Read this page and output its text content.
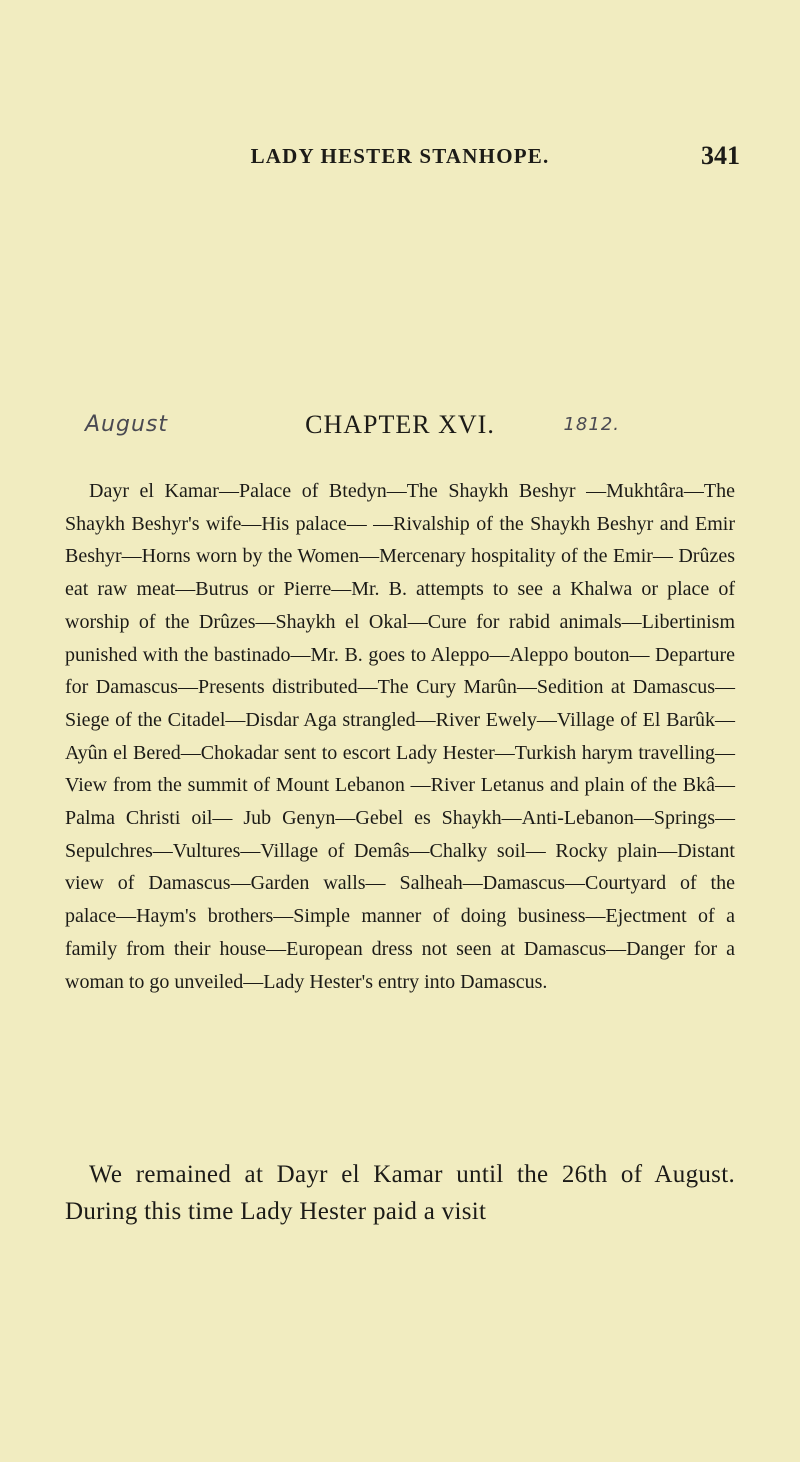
LADY HESTER STANHOPE.	341
August	CHAPTER XVI.	1812.

Dayr el Kamar—Palace of Btedyn—The Shaykh Beshyr —Mukhtâra—The Shaykh Beshyr's wife—His palace— —Rivalship of the Shaykh Beshyr and Emir Beshyr—Horns worn by the Women—Mercenary hospitality of the Emir— Drûzes eat raw meat—Butrus or Pierre—Mr. B. attempts to see a Khalwa or place of worship of the Drûzes—Shaykh el Okal—Cure for rabid animals—Libertinism punished with the bastinado—Mr. B. goes to Aleppo—Aleppo bouton— Departure for Damascus—Presents distributed—The Cury Marûn—Sedition at Damascus—Siege of the Citadel—Disdar Aga strangled—River Ewely—Village of El Barûk—Ayûn el Bered—Chokadar sent to escort Lady Hester—Turkish harym travelling—View from the summit of Mount Lebanon —River Letanus and plain of the Bkâ—Palma Christi oil— Jub Genyn—Gebel es Shaykh—Anti-Lebanon—Springs— Sepulchres—Vultures—Village of Demâs—Chalky soil— Rocky plain—Distant view of Damascus—Garden walls— Salheah—Damascus—Courtyard of the palace—Haym's brothers—Simple manner of doing business—Ejectment of a family from their house—European dress not seen at Damascus—Danger for a woman to go unveiled—Lady Hester's entry into Damascus.

We remained at Dayr el Kamar until the 26th of August. During this time Lady Hester paid a visit
